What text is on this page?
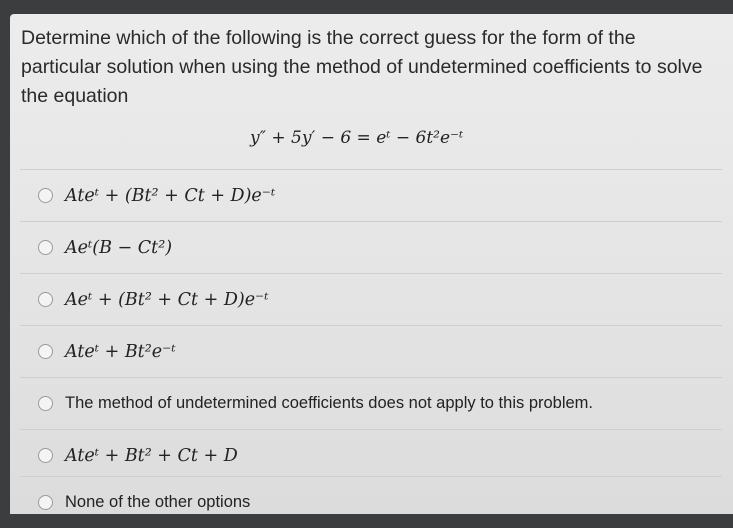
Determine which of the following is the correct guess for the form of the particular solution when using the method of undetermined coefficients to solve the equation
y″ + 5y′ − 6 = eᵗ − 6t²e⁻ᵗ
Ateᵗ + (Bt² + Ct + D)e⁻ᵗ
Aeᵗ(B − Ct²)
Aeᵗ + (Bt² + Ct + D)e⁻ᵗ
Ateᵗ + Bt²e⁻ᵗ
The method of undetermined coefficients does not apply to this problem.
Ateᵗ + Bt² + Ct + D
None of the other options
